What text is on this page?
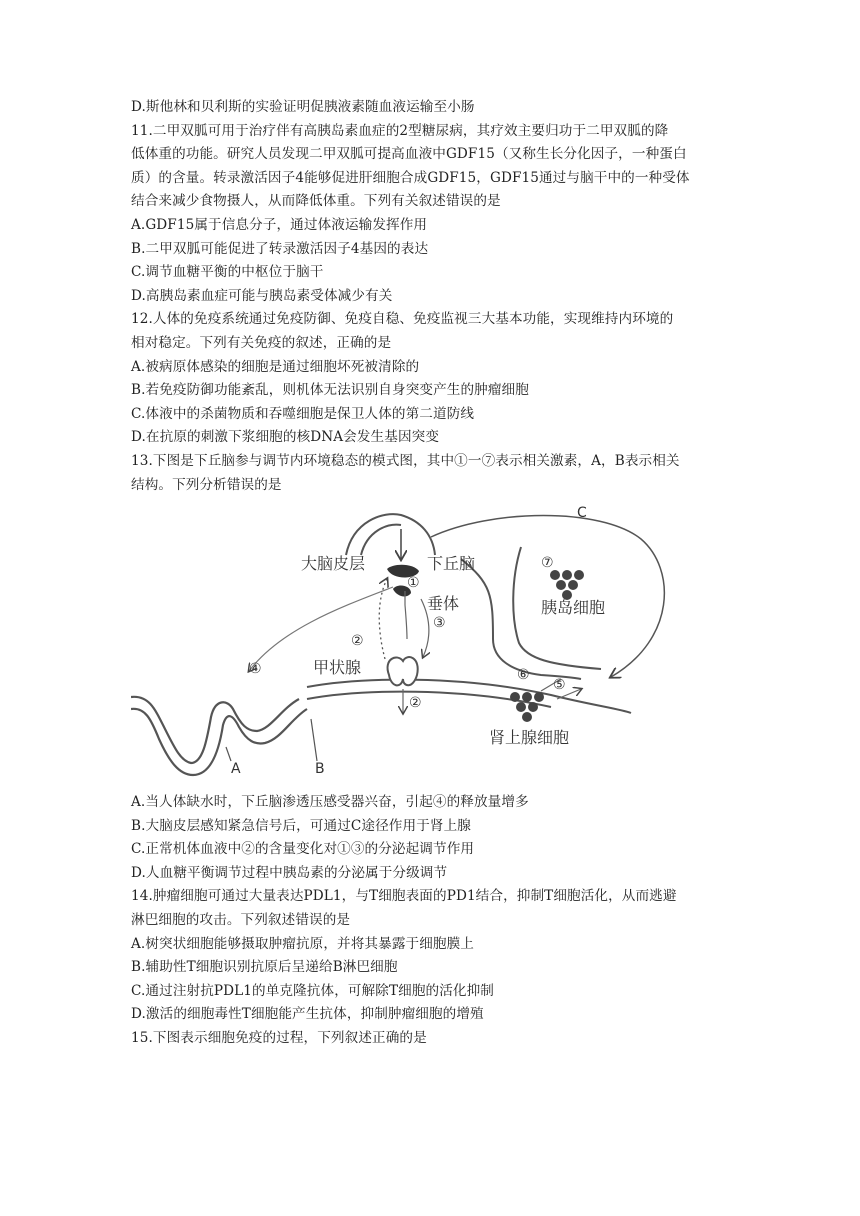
D.斯他林和贝利斯的实验证明促胰液素随血液运输至小肠
11.二甲双胍可用于治疗伴有高胰岛素血症的2型糖尿病，其疗效主要归功于二甲双胍的降
低体重的功能。研究人员发现二甲双胍可提高血液中GDF15（又称生长分化因子，一种蛋白
质）的含量。转录激活因子4能够促进肝细胞合成GDF15，GDF15通过与脑干中的一种受体
结合来减少食物摄人，从而降低体重。下列有关叙述错误的是
A.GDF15属于信息分子，通过体液运输发挥作用
B.二甲双胍可能促进了转录激活因子4基因的表达
C.调节血糖平衡的中枢位于脑干
D.高胰岛素血症可能与胰岛素受体减少有关
12.人体的免疫系统通过免疫防御、免疫自稳、免疫监视三大基本功能，实现维持内环境的
相对稳定。下列有关免疫的叙述，正确的是
A.被病原体感染的细胞是通过细胞坏死被清除的
B.若免疫防御功能紊乱，则机体无法识别自身突变产生的肿瘤细胞
C.体液中的杀菌物质和吞噬细胞是保卫人体的第二道防线
D.在抗原的刺激下浆细胞的核DNA会发生基因突变
13.下图是下丘脑参与调节内环境稳态的模式图，其中①一⑦表示相关激素，A，B表示相关
结构。下列分析错误的是
大脑皮层	下丘脑
垂体
甲状腺
胰岛细胞
肾上腺细胞
①
②
②
③
④
⑤
⑥
⑦
A	B
C
A.当人体缺水时，下丘脑渗透压感受器兴奋，引起④的释放量增多
B.大脑皮层感知紧急信号后，可通过C途径作用于肾上腺
C.正常机体血液中②的含量变化对①③的分泌起调节作用
D.人血糖平衡调节过程中胰岛素的分泌属于分级调节
14.肿瘤细胞可通过大量表达PDL1，与T细胞表面的PD1结合，抑制T细胞活化，从而逃避
淋巴细胞的攻击。下列叙述错误的是
A.树突状细胞能够摄取肿瘤抗原，并将其暴露于细胞膜上
B.辅助性T细胞识别抗原后呈递给B淋巴细胞
C.通过注射抗PDL1的单克隆抗体，可解除T细胞的活化抑制
D.激活的细胞毒性T细胞能产生抗体，抑制肿瘤细胞的增殖
15.下图表示细胞免疫的过程，下列叙述正确的是
